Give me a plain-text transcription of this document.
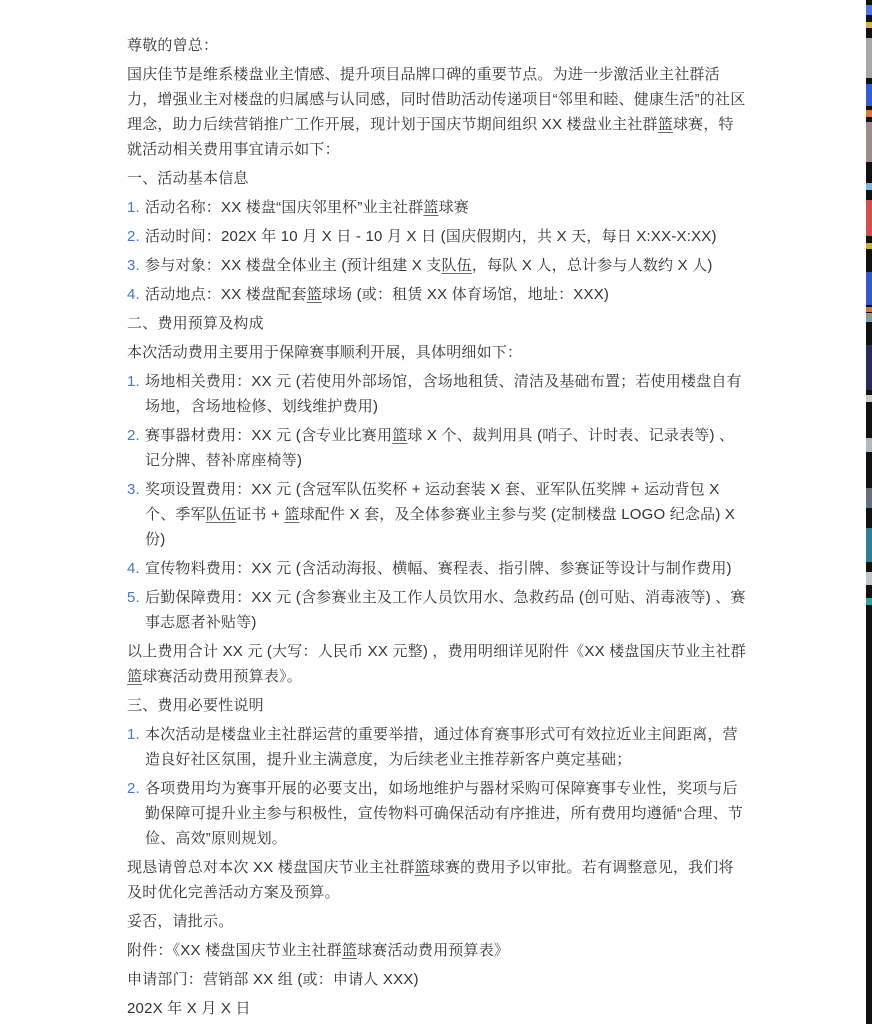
尊敬的曾总：
国庆佳节是维系楼盘业主情感、提升项目品牌口碑的重要节点。为进一步激活业主社群活力，增强业主对楼盘的归属感与认同感，同时借助活动传递项目“邻里和睦、健康生活”的社区理念，助力后续营销推广工作开展，现计划于国庆节期间组织 XX 楼盘业主社群篮球赛，特就活动相关费用事宜请示如下：
一、活动基本信息
1. 活动名称：XX 楼盘“国庆邻里杯”业主社群篮球赛
2. 活动时间：202X 年 10 月 X 日 - 10 月 X 日 (国庆假期内，共 X 天，每日 X:XX-X:XX)
3. 参与对象：XX 楼盘全体业主 (预计组建 X 支队伍，每队 X 人，总计参与人数约 X 人)
4. 活动地点：XX 楼盘配套篮球场 (或：租赁 XX 体育场馆，地址：XXX)
二、费用预算及构成
本次活动费用主要用于保障赛事顺利开展，具体明细如下：
1. 场地相关费用：XX 元 (若使用外部场馆，含场地租赁、清洁及基础布置；若使用楼盘自有场地，含场地检修、划线维护费用)
2. 赛事器材费用：XX 元 (含专业比赛用篮球 X 个、裁判用具 (哨子、计时表、记录表等) 、记分牌、替补席座椅等)
3. 奖项设置费用：XX 元 (含冠军队伍奖杯 + 运动套装 X 套、亚军队伍奖牌 + 运动背包 X 个、季军队伍证书 + 篮球配件 X 套，及全体参赛业主参与奖 (定制楼盘 LOGO 纪念品) X 份)
4. 宣传物料费用：XX 元 (含活动海报、横幅、赛程表、指引牌、参赛证等设计与制作费用)
5. 后勤保障费用：XX 元 (含参赛业主及工作人员饮用水、急救药品 (创可贴、消毒液等) 、赛事志愿者补贴等)
以上费用合计 XX 元 (大写：人民币 XX 元整) ，费用明细详见附件《XX 楼盘国庆节业主社群篮球赛活动费用预算表》。
三、费用必要性说明
1. 本次活动是楼盘业主社群运营的重要举措，通过体育赛事形式可有效拉近业主间距离，营造良好社区氛围，提升业主满意度，为后续老业主推荐新客户奠定基础；
2. 各项费用均为赛事开展的必要支出，如场地维护与器材采购可保障赛事专业性，奖项与后勤保障可提升业主参与积极性，宣传物料可确保活动有序推进，所有费用均遵循“合理、节俭、高效”原则规划。
现恳请曾总对本次 XX 楼盘国庆节业主社群篮球赛的费用予以审批。若有调整意见，我们将及时优化完善活动方案及预算。
妥否，请批示。
附件：《XX 楼盘国庆节业主社群篮球赛活动费用预算表》
申请部门：营销部 XX 组 (或：申请人 XXX)
202X 年 X 月 X 日
